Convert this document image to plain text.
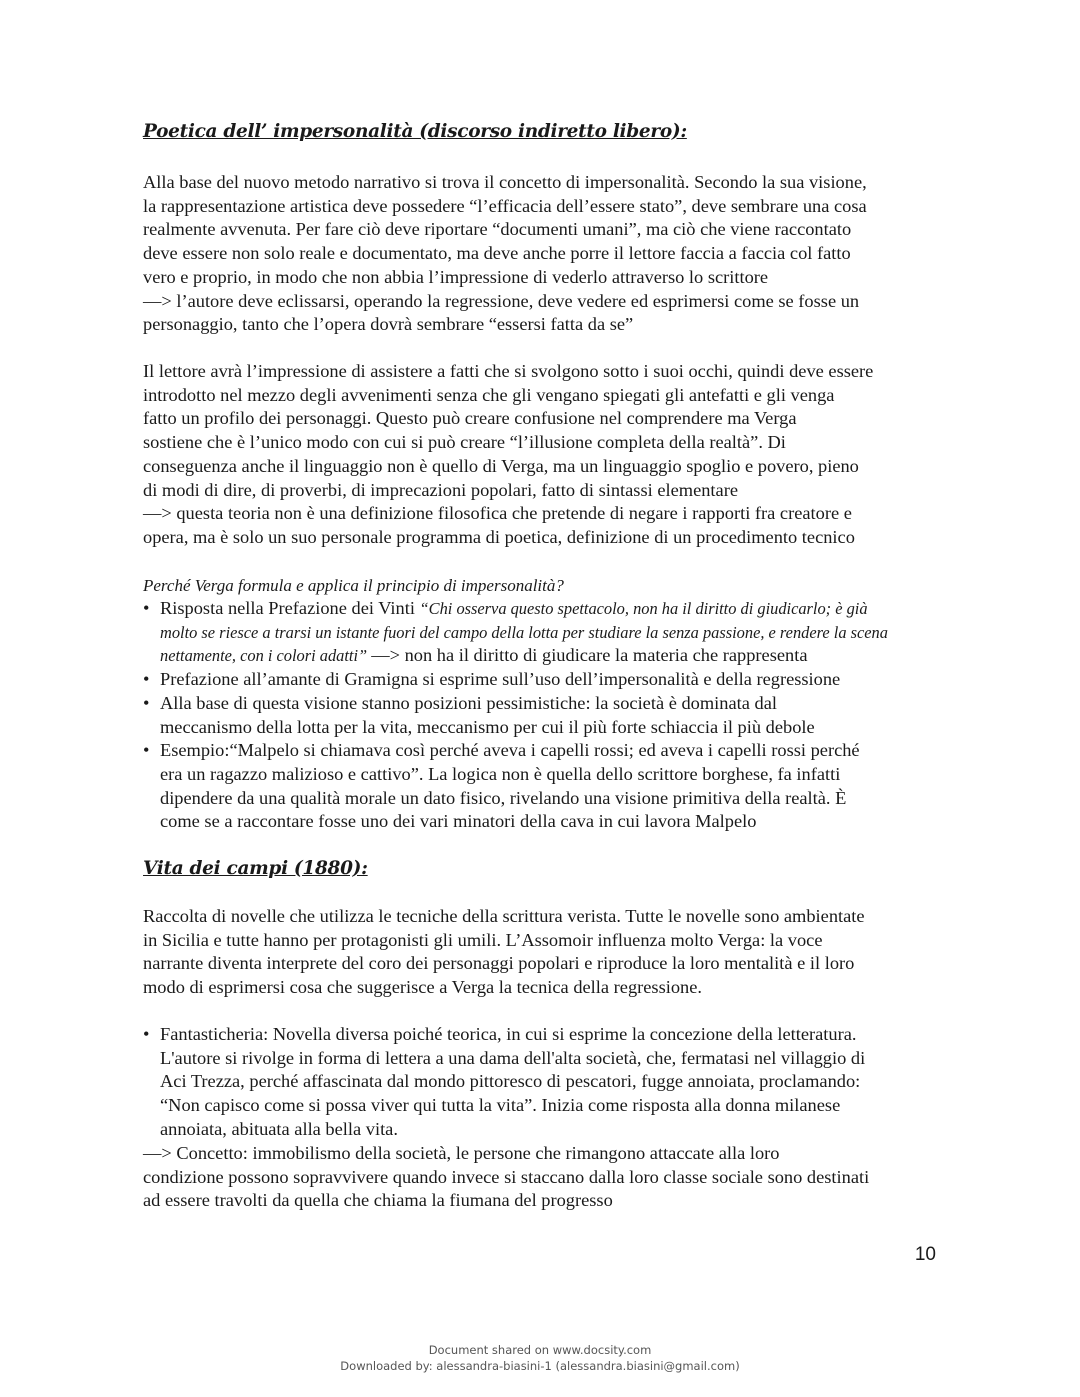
Poetica dell’ impersonalità (discorso indiretto libero):
Alla base del nuovo metodo narrativo si trova il concetto di impersonalità. Secondo la sua visione,
la rappresentazione artistica deve possedere “l’efficacia dell’essere stato”, deve sembrare una cosa
realmente avvenuta. Per fare ciò deve riportare “documenti umani”, ma ciò che viene raccontato
deve essere non solo reale e documentato, ma deve anche porre il lettore faccia a faccia col fatto
vero e proprio, in modo che non abbia l’impressione di vederlo attraverso lo scrittore
—> l’autore deve eclissarsi, operando la regressione, deve vedere ed esprimersi come se fosse un
personaggio, tanto che l’opera dovrà sembrare “essersi fatta da se”
Il lettore avrà l’impressione di assistere a fatti che si svolgono sotto i suoi occhi, quindi deve essere
introdotto nel mezzo degli avvenimenti senza che gli vengano spiegati gli antefatti e gli venga
fatto un profilo dei personaggi. Questo può creare confusione nel comprendere ma Verga
sostiene che è l’unico modo con cui si può creare “l’illusione completa della realtà”. Di
conseguenza anche il linguaggio non è quello di Verga, ma un linguaggio spoglio e povero, pieno
di modi di dire, di proverbi, di imprecazioni popolari, fatto di sintassi elementare
—> questa teoria non è una definizione filosofica che pretende di negare i rapporti fra creatore e
opera, ma è solo un suo personale programma di poetica, definizione di un procedimento tecnico
Perché Verga formula e applica il principio di impersonalità?
• Risposta nella Prefazione dei Vinti “Chi osserva questo spettacolo, non ha il diritto di giudicarlo; è già
molto se riesce a trarsi un istante fuori del campo della lotta per studiare la senza passione, e rendere la scena
nettamente, con i colori adatti” —> non ha il diritto di giudicare la materia che rappresenta
• Prefazione all’amante di Gramigna si esprime sull’uso dell’impersonalità e della regressione
• Alla base di questa visione stanno posizioni pessimistiche: la società è dominata dal
meccanismo della lotta per la vita, meccanismo per cui il più forte schiaccia il più debole
• Esempio:“Malpelo si chiamava così perché aveva i capelli rossi; ed aveva i capelli rossi perché
era un ragazzo malizioso e cattivo”. La logica non è quella dello scrittore borghese, fa infatti
dipendere da una qualità morale un dato fisico, rivelando una visione primitiva della realtà. È
come se a raccontare fosse uno dei vari minatori della cava in cui lavora Malpelo
Vita dei campi (1880):
Raccolta di novelle che utilizza le tecniche della scrittura verista. Tutte le novelle sono ambientate
in Sicilia e tutte hanno per protagonisti gli umili. L’Assomoir influenza molto Verga: la voce
narrante diventa interprete del coro dei personaggi popolari e riproduce la loro mentalità e il loro
modo di esprimersi cosa che suggerisce a Verga la tecnica della regressione.
• Fantasticheria: Novella diversa poiché teorica, in cui si esprime la concezione della letteratura.
L'autore si rivolge in forma di lettera a una dama dell'alta società, che, fermatasi nel villaggio di
Aci Trezza, perché affascinata dal mondo pittoresco di pescatori, fugge annoiata, proclamando:
“Non capisco come si possa viver qui tutta la vita”. Inizia come risposta alla donna milanese
annoiata, abituata alla bella vita.
—> Concetto: immobilismo della società, le persone che rimangono attaccate alla loro
condizione possono sopravvivere quando invece si staccano dalla loro classe sociale sono destinati
ad essere travolti da quella che chiama la fiumana del progresso
10
Document shared on www.docsity.com
Downloaded by: alessandra-biasini-1 (alessandra.biasini@gmail.com)
